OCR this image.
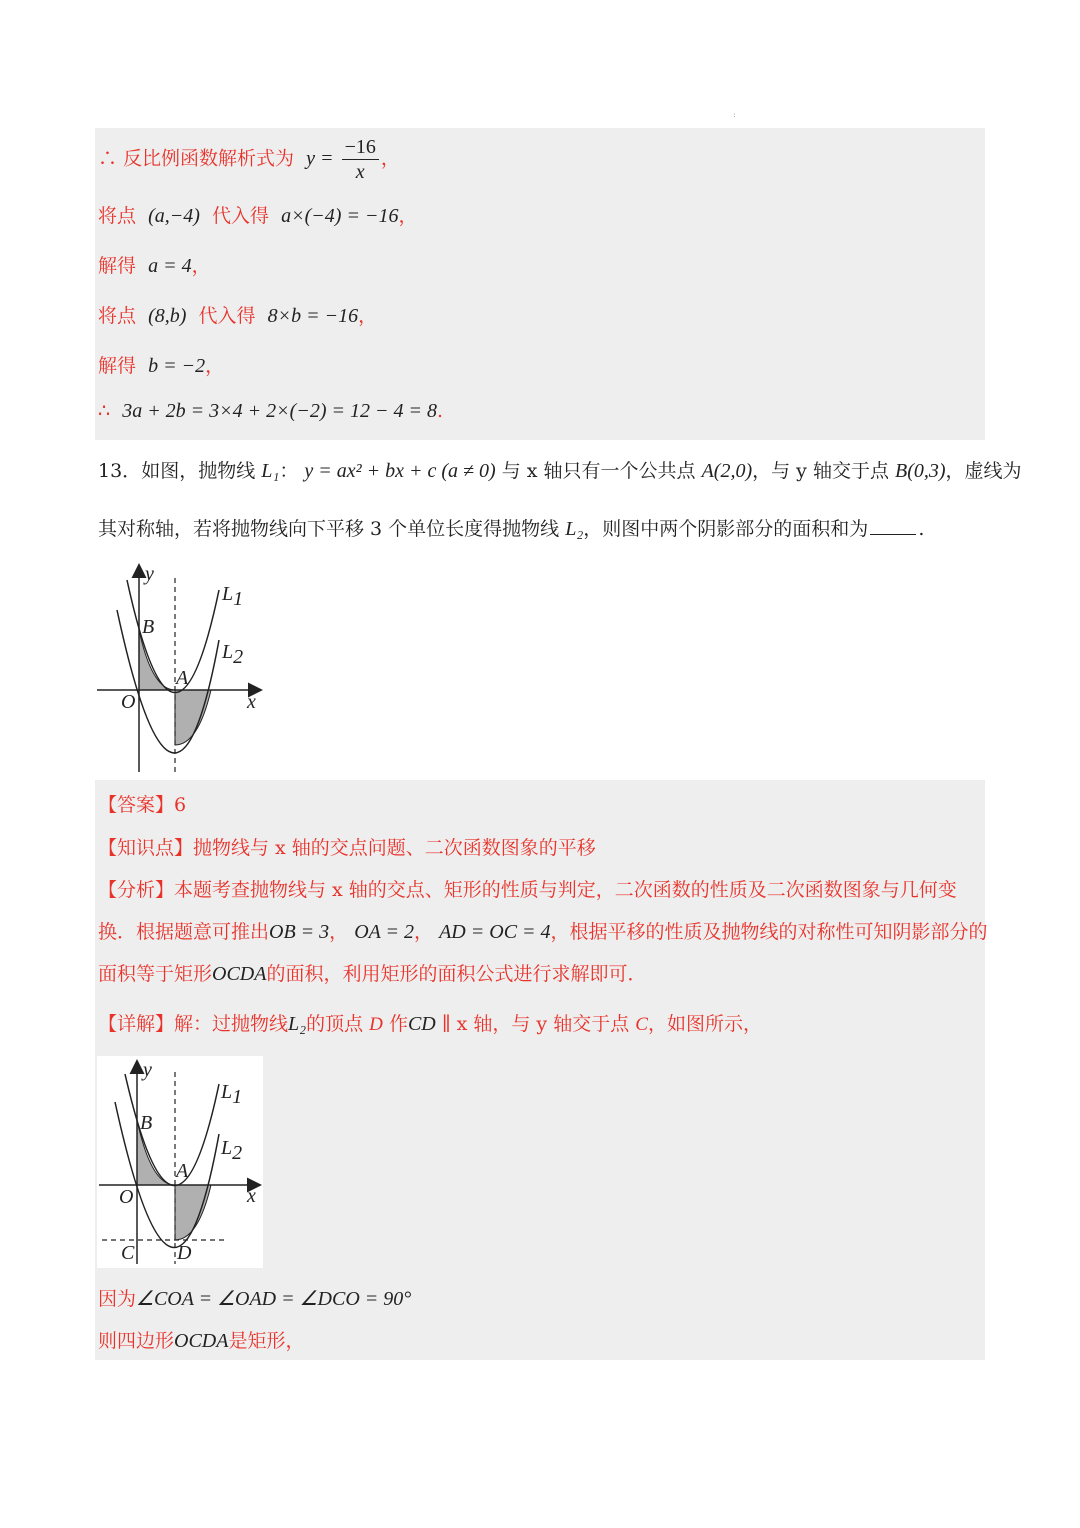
:
∴ 反比例函数解析式为 $y = \frac{-16}{x}$ ，
将点 (a,−4) 代入得 a×(−4) = −16，
解得 a = 4，
将点 (8,b) 代入得 8×b = −16，
解得 b = −2，
∴ 3a + 2b = 3×4 + 2×(−2) = 12 − 4 = 8.
13．如图，抛物线 L₁： y = ax² + bx + c (a ≠ 0) 与 x 轴只有一个公共点 A(2,0)，与 y 轴交于点 B(0,3)，虚线为
其对称轴，若将抛物线向下平移 3 个单位长度得抛物线 L₂，则图中两个阴影部分的面积和为	.
y
x
O
A
B
L1
L2
【答案】6
【知识点】抛物线与 x 轴的交点问题、二次函数图象的平移
【分析】本题考查抛物线与 x 轴的交点、矩形的性质与判定，二次函数的性质及二次函数图象与几何变
换．根据题意可推出OB = 3， OA = 2， AD = OC = 4，根据平移的性质及抛物线的对称性可知阴影部分的
面积等于矩形OCDA的面积，利用矩形的面积公式进行求解即可．
【详解】解：过抛物线L₂的顶点 D 作CD ∥ x 轴，与 y 轴交于点 C，如图所示，
y
x
O
A
B
C D
L1
L2
因为∠COA = ∠OAD = ∠DCO = 90°
则四边形OCDA是矩形，
